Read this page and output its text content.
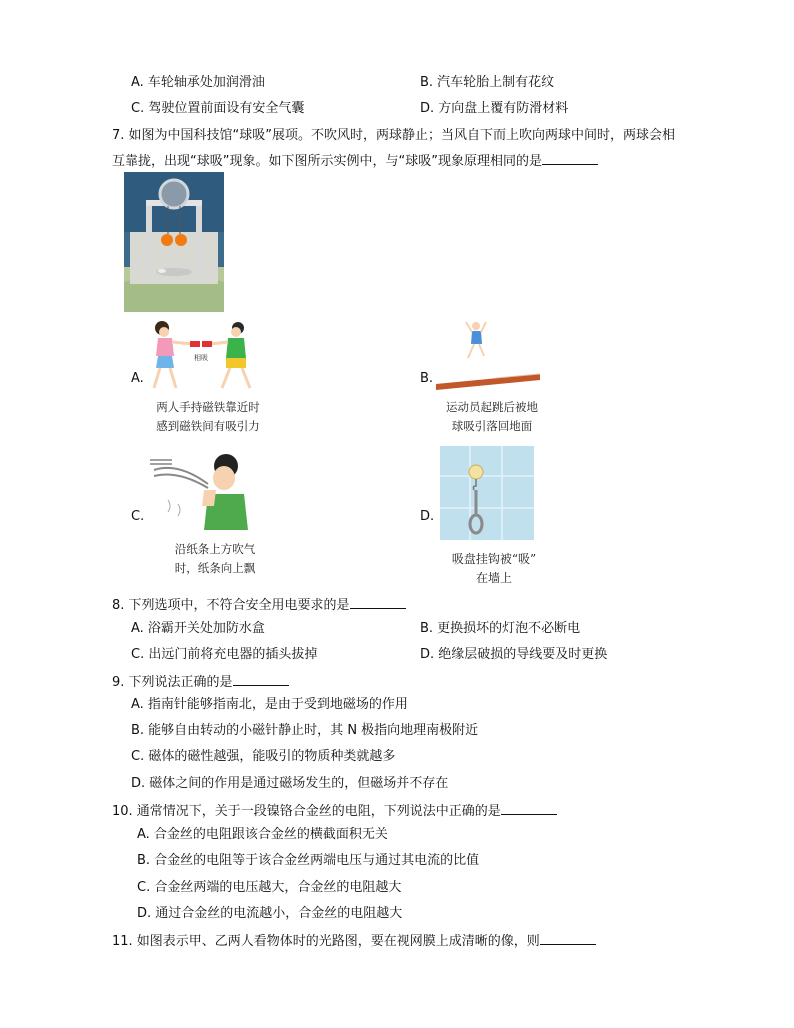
A. 车轮轴承处加润滑油	B. 汽车轮胎上制有花纹
C. 驾驶位置前面设有安全气囊	D. 方向盘上覆有防滑材料
7. 如图为中国科技馆“球吸”展项。不吹风时，两球静止；当风自下而上吹向两球中间时，两球会相
互靠拢，出现“球吸”现象。如下图所示实例中，与“球吸”现象原理相同的是
A.
相吸
两人手持磁铁靠近时
感到磁铁间有吸引力
B.
运动员起跳后被地
球吸引落回地面
C.
沿纸条上方吹气
时，纸条向上飘
D.
吸盘挂钩被“吸”
在墙上
8. 下列选项中，不符合安全用电要求的是
A. 浴霸开关处加防水盒	B. 更换损坏的灯泡不必断电
C. 出远门前将充电器的插头拔掉	D. 绝缘层破损的导线要及时更换
9. 下列说法正确的是
A. 指南针能够指南北，是由于受到地磁场的作用
B. 能够自由转动的小磁针静止时，其 N 极指向地理南极附近
C. 磁体的磁性越强，能吸引的物质种类就越多
D. 磁体之间的作用是通过磁场发生的，但磁场并不存在
10. 通常情况下，关于一段镍铬合金丝的电阻，下列说法中正确的是
A. 合金丝的电阻跟该合金丝的横截面积无关
B. 合金丝的电阻等于该合金丝两端电压与通过其电流的比值
C. 合金丝两端的电压越大，合金丝的电阻越大
D. 通过合金丝的电流越小，合金丝的电阻越大
11. 如图表示甲、乙两人看物体时的光路图，要在视网膜上成清晰的像，则
